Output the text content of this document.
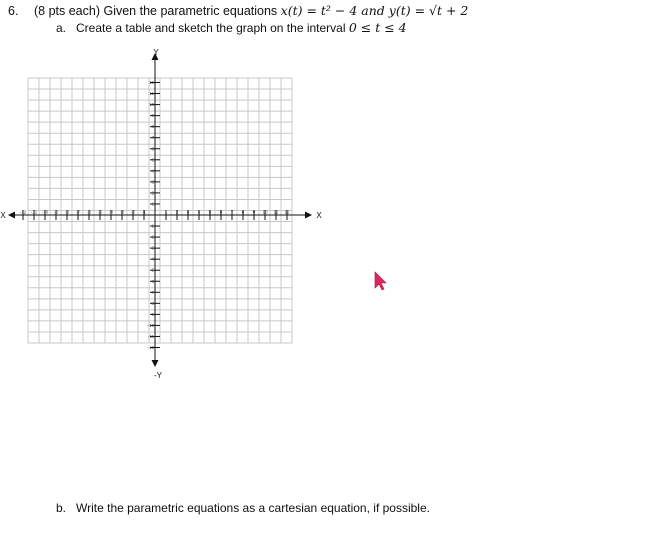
6. (8 pts each) Given the parametric equations x(t) = t² − 4 and y(t) = √t + 2
a. Create a table and sketch the graph on the interval 0 ≤ t ≤ 4
X
X
Y
-Y
-12 -11 -10 -9 -8 -7 -6 -5 -4 -3 -2 -1	1 2 3 4 5 6 7 8 9 10 11 12
12
11
10
9
8
7
6
5
4
3
2
1
-1
-2
-3
-4
-5
-6
-7
-8
-9
-10
-11
-12
b. Write the parametric equations as a cartesian equation, if possible.
